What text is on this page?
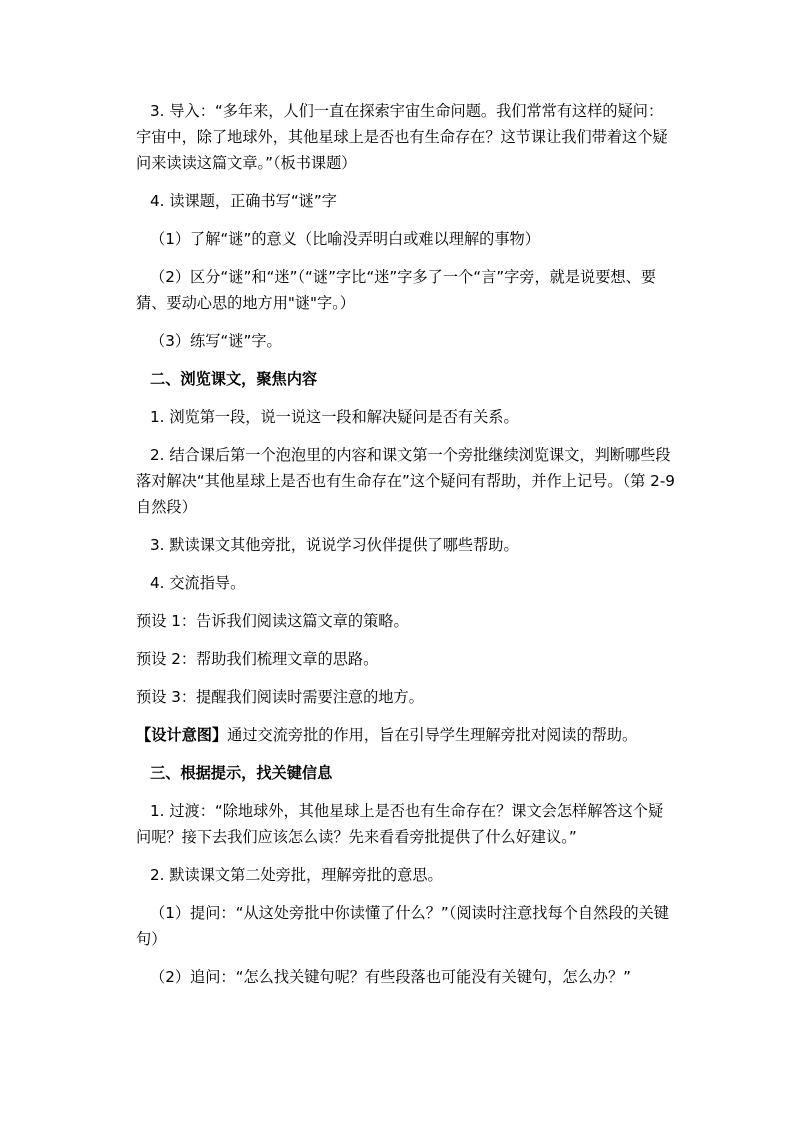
3. 导入：“多年来，人们一直在探索宇宙生命问题。我们常常有这样的疑问：宇宙中，除了地球外，其他星球上是否也有生命存在？这节课让我们带着这个疑问来读读这篇文章。”（板书课题）

4. 读课题，正确书写“谜”字

（1）了解“谜”的意义（比喻没弄明白或难以理解的事物）

（2）区分“谜”和“迷”（“谜”字比“迷”字多了一个“言”字旁，就是说要想、要猜、要动心思的地方用"谜"字。）

（3）练写“谜”字。

二、浏览课文，聚焦内容

1. 浏览第一段，说一说这一段和解决疑问是否有关系。

2. 结合课后第一个泡泡里的内容和课文第一个旁批继续浏览课文，判断哪些段落对解决“其他星球上是否也有生命存在”这个疑问有帮助，并作上记号。（第 2-9 自然段）

3. 默读课文其他旁批，说说学习伙伴提供了哪些帮助。

4. 交流指导。

预设 1：告诉我们阅读这篇文章的策略。

预设 2：帮助我们梳理文章的思路。

预设 3：提醒我们阅读时需要注意的地方。

【设计意图】通过交流旁批的作用，旨在引导学生理解旁批对阅读的帮助。

三、根据提示，找关键信息

1. 过渡：“除地球外，其他星球上是否也有生命存在？课文会怎样解答这个疑问呢？接下去我们应该怎么读？先来看看旁批提供了什么好建议。”

2. 默读课文第二处旁批，理解旁批的意思。

（1）提问：“从这处旁批中你读懂了什么？”（阅读时注意找每个自然段的关键句）

（2）追问：“怎么找关键句呢？有些段落也可能没有关键句，怎么办？”
